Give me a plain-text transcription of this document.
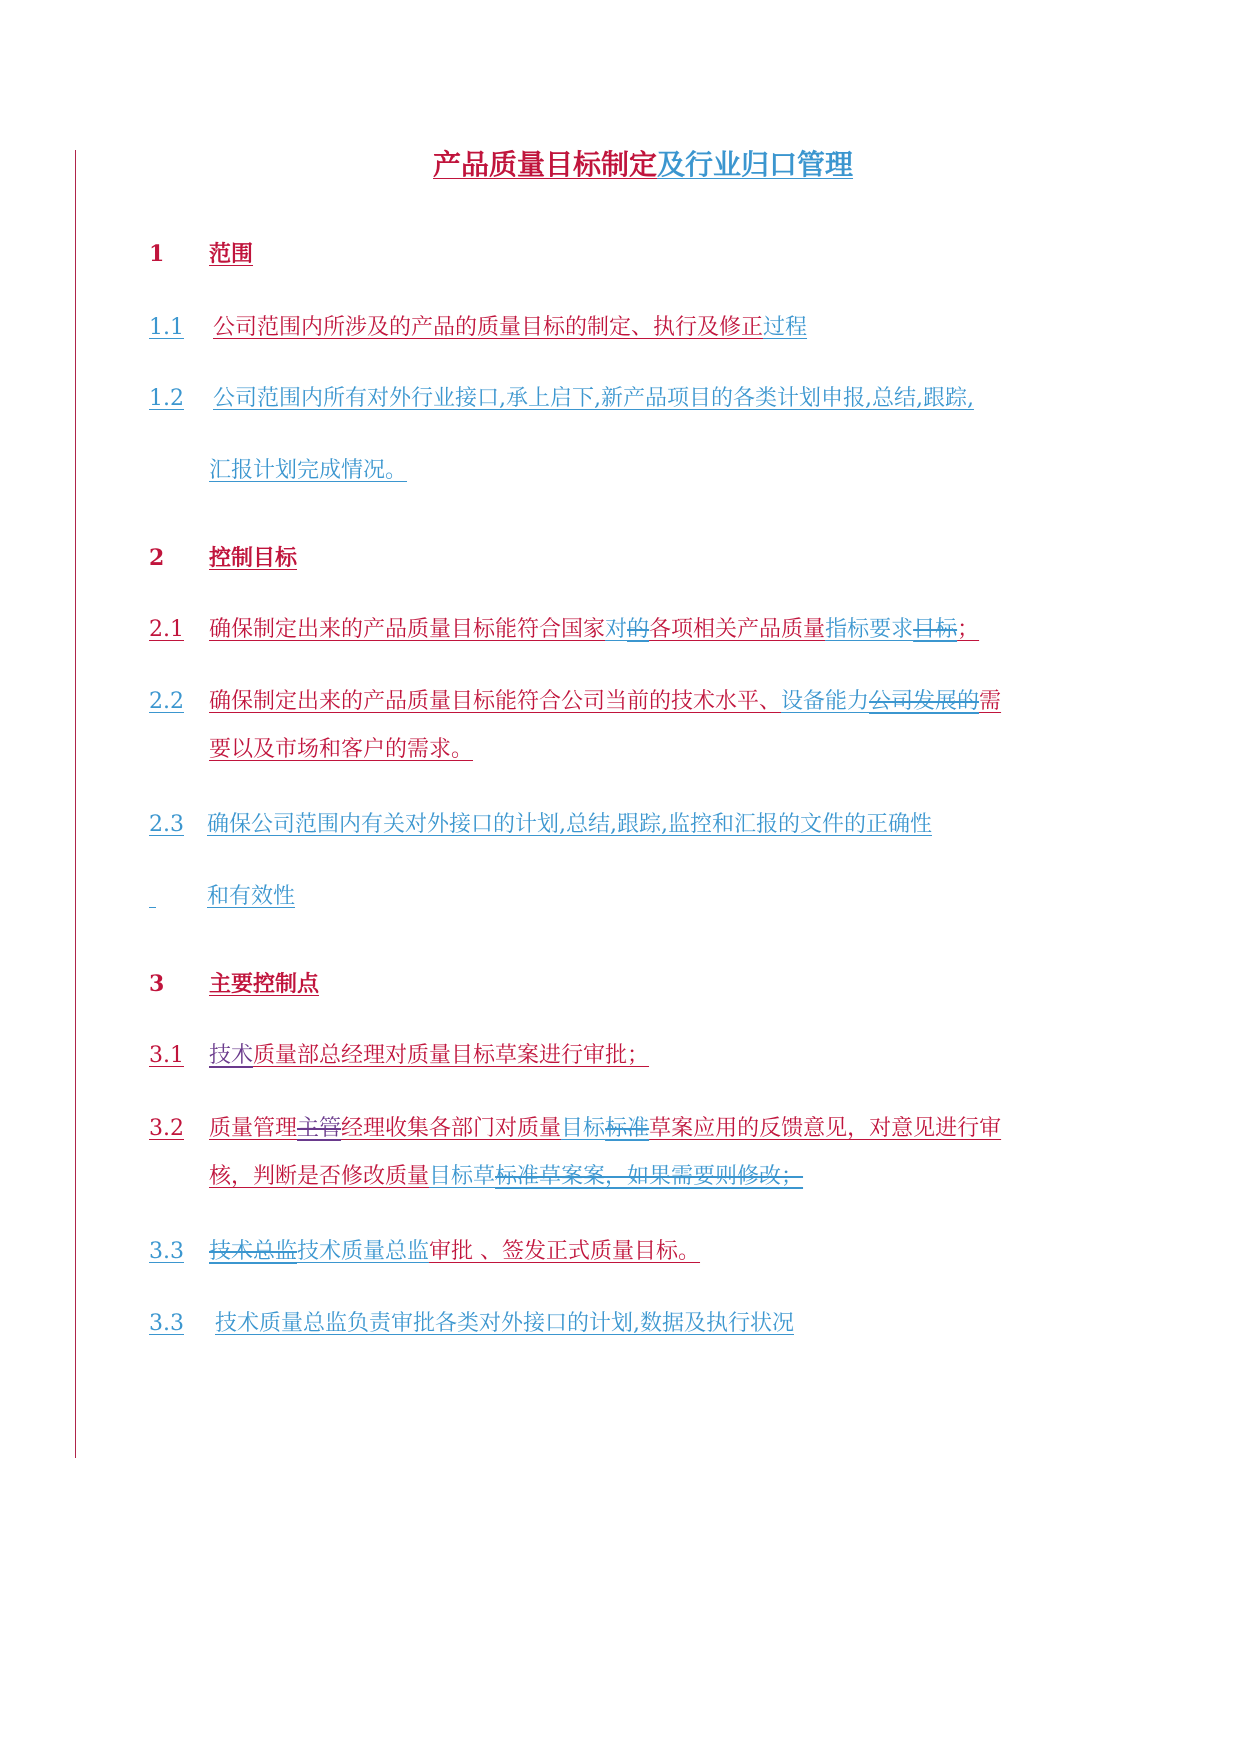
产品质量目标制定及行业归口管理
1 范围
1.1 公司范围内所涉及的产品的质量目标的制定、执行及修正过程
1.2 公司范围内所有对外行业接口,承上启下,新产品项目的各类计划申报,总结,跟踪,
汇报计划完成情况。
2 控制目标
2.1 确保制定出来的产品质量目标能符合国家对的各项相关产品质量指标要求目标；
2.2 确保制定出来的产品质量目标能符合公司当前的技术水平、设备能力公司发展的需
要以及市场和客户的需求。
2.3 确保公司范围内有关对外接口的计划,总结,跟踪,监控和汇报的文件的正确性
和有效性
3 主要控制点
3.1 技术质量部总经理对质量目标草案进行审批；
3.2 质量管理主管经理收集各部门对质量目标标准草案应用的反馈意见，对意见进行审
核，判断是否修改质量目标草标准草案案，如果需要则修改；
3.3 技术总监技术质量总监审批 、签发正式质量目标。
3.3 技术质量总监负责审批各类对外接口的计划,数据及执行状况
